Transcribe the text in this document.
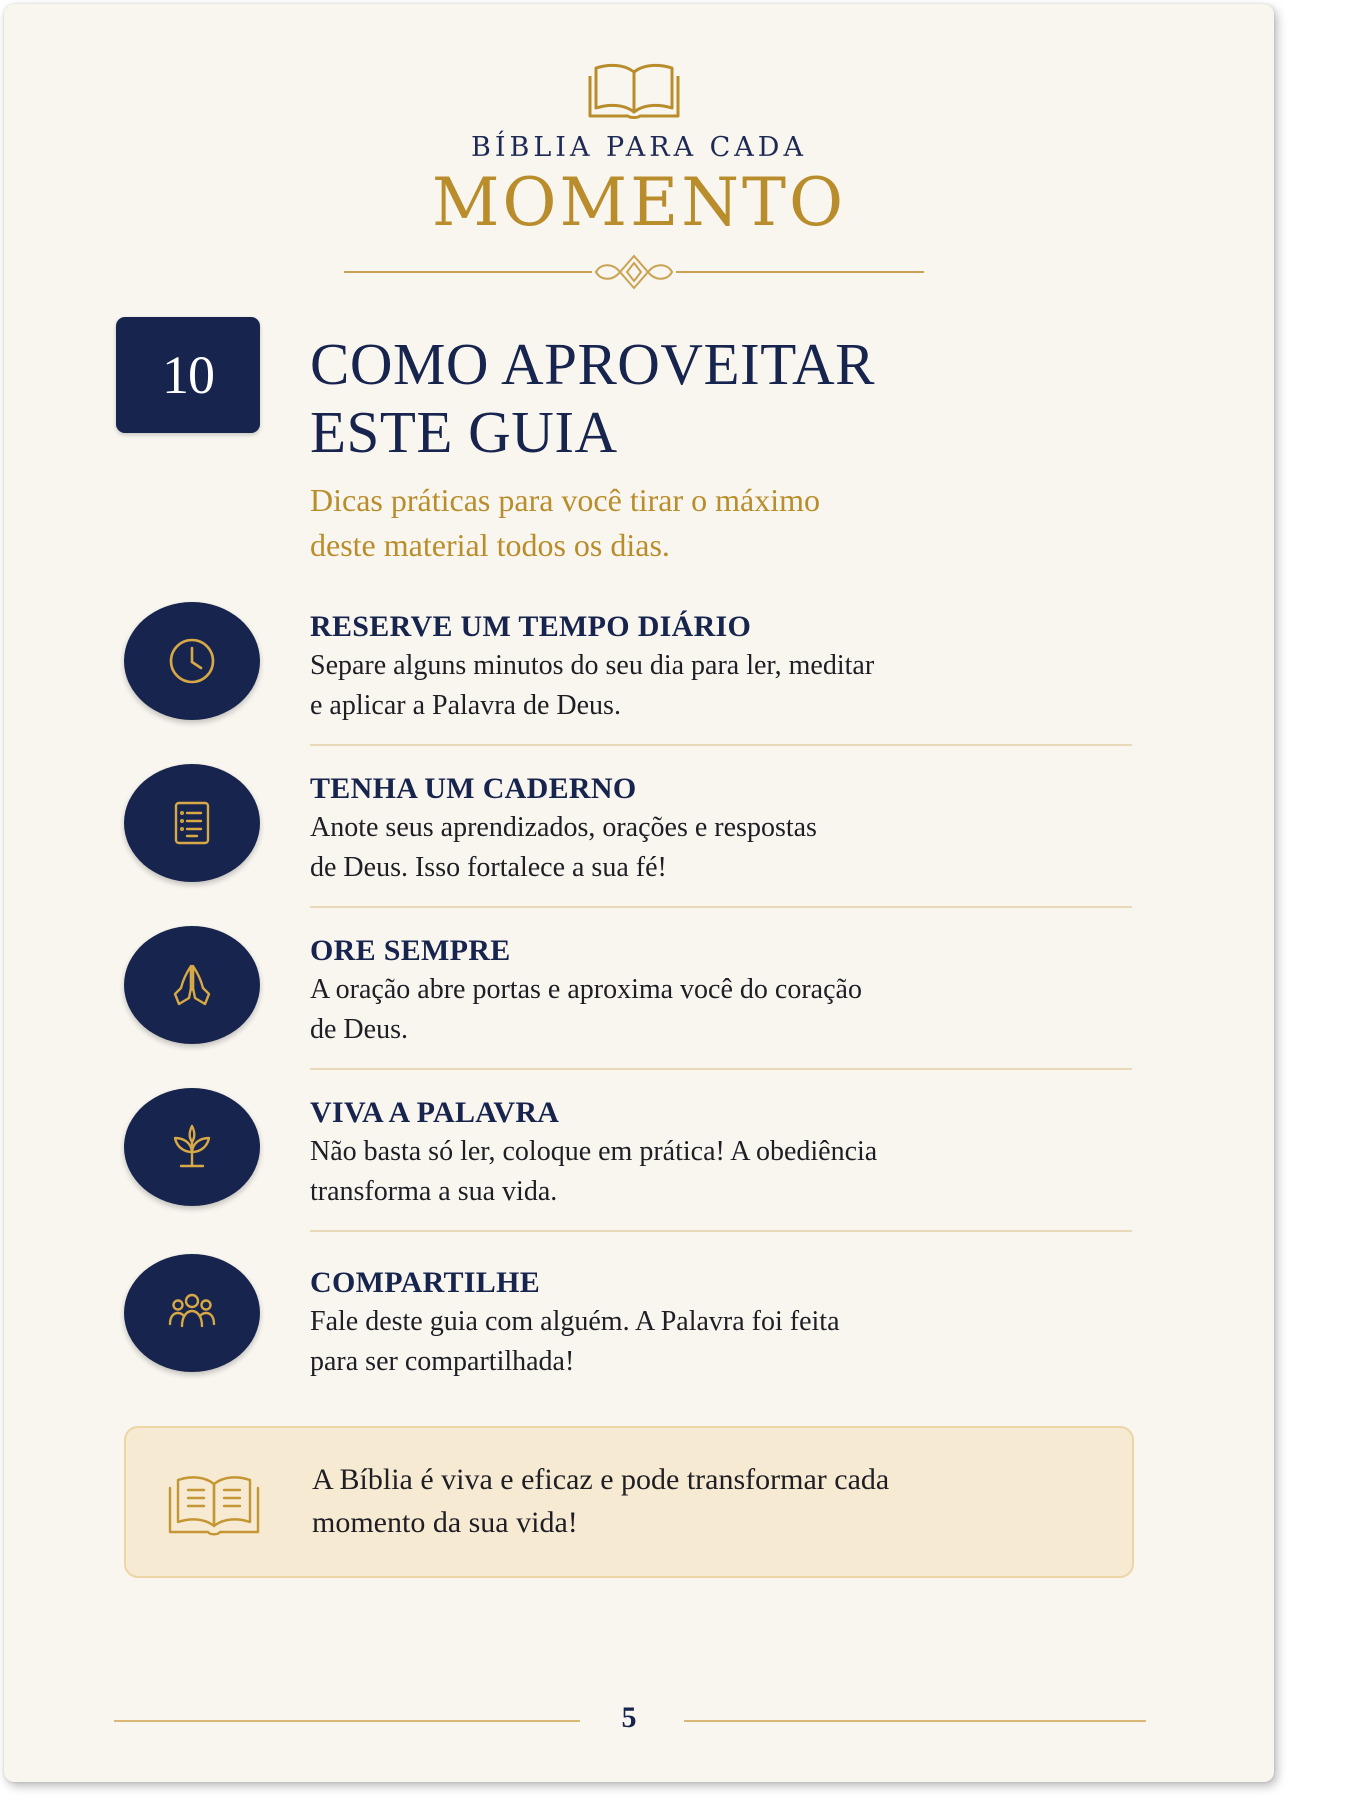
BÍBLIA PARA CADA
MOMENTO
10	COMO APROVEITAR
ESTE GUIA
Dicas práticas para você tirar o máximo
deste material todos os dias.
RESERVE UM TEMPO DIÁRIO
Separe alguns minutos do seu dia para ler, meditar
e aplicar a Palavra de Deus.
TENHA UM CADERNO
Anote seus aprendizados, orações e respostas
de Deus. Isso fortalece a sua fé!
ORE SEMPRE
A oração abre portas e aproxima você do coração
de Deus.
VIVA A PALAVRA
Não basta só ler, coloque em prática! A obediência
transforma a sua vida.
COMPARTILHE
Fale deste guia com alguém. A Palavra foi feita
para ser compartilhada!
A Bíblia é viva e eficaz e pode transformar cada
momento da sua vida!
5
